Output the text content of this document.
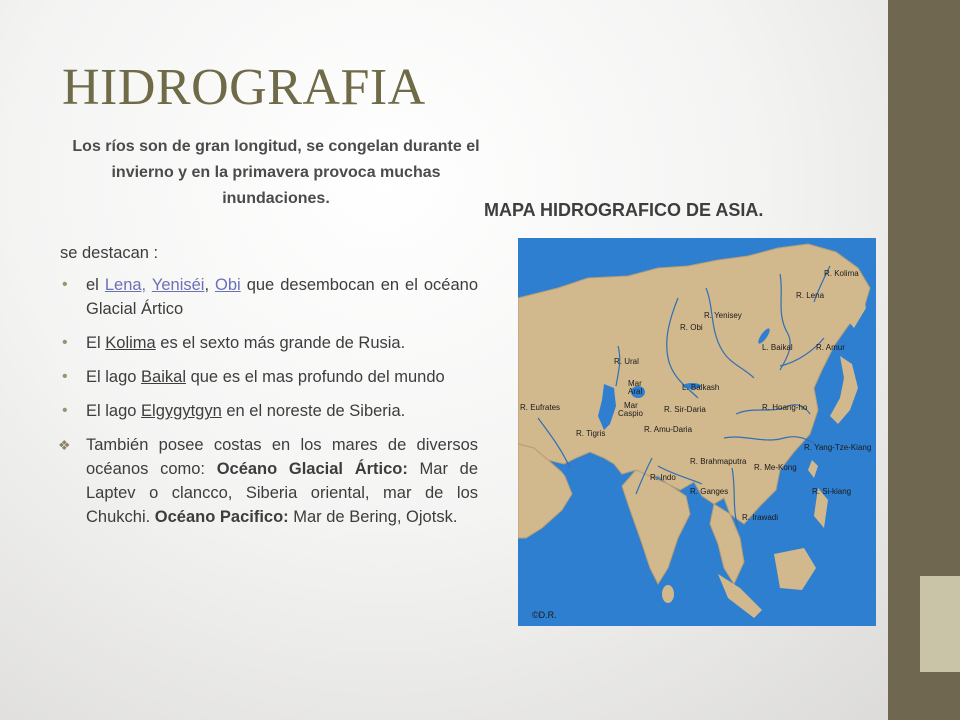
HIDROGRAFIA
Los ríos son de gran longitud, se congelan durante el invierno y en la primavera provoca muchas inundaciones.
MAPA HIDROGRAFICO DE ASIA.

se destacan :

• el Lena, Yeniséi, Obi que desembocan en el océano Glacial Ártico
• El Kolima es el sexto más grande de Rusia.
• El lago Baikal que es el mas profundo del mundo
• El lago Elgygytgyn en el noreste de Siberia.
❖ También posee costas en los mares de diversos océanos como: Océano Glacial Ártico: Mar de Laptev o clancco, Siberia oriental, mar de los Chukchi. Océano Pacifico: Mar de Bering, Ojotsk.
R. Kolima
R. Lena
R. Yenisey
R. Obi
L. Baikal	R. Amur
R. Ural
Mar
Aral	L. Balkash
Mar
Caspio
R. Eufrates	R. Sir-Daria	R. Hoang-ho
R. Tigris	R. Amu-Daria
R. Yang-Tze-Kiang
R. Brahmaputra
R. Me-Kong
R. Indo
R. Ganges	R. Si-kiang
R. Irawadi
©D.R.
